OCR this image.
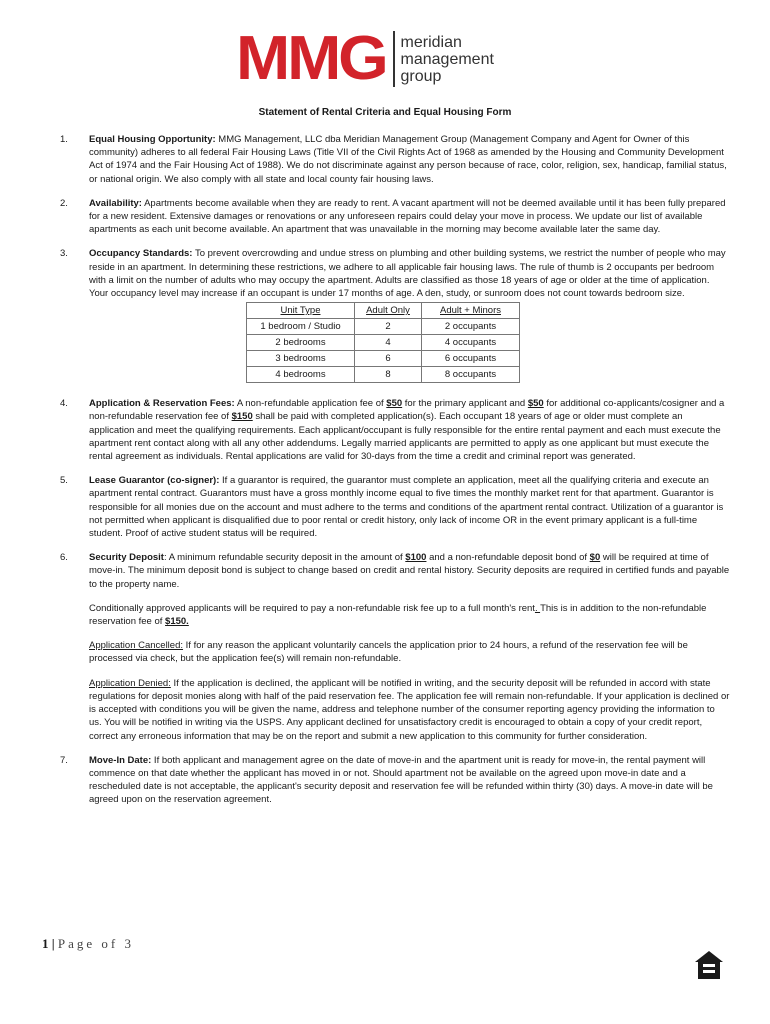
MMG meridian
management
group
Statement of Rental Criteria and Equal Housing Form
1.	Equal Housing Opportunity: MMG Management, LLC dba Meridian Management Group (Management Company and Agent for Owner of this community) adheres to all federal Fair Housing Laws (Title VII of the Civil Rights Act of 1968 as amended by the Housing and Community Development Act of 1974 and the Fair Housing Act of 1988). We do not discriminate against any person because of race, color, religion, sex, handicap, familial status, or national origin. We also comply with all state and local county fair housing laws.

2.	Availability: Apartments become available when they are ready to rent. A vacant apartment will not be deemed available until it has been fully prepared for a new resident. Extensive damages or renovations or any unforeseen repairs could delay your move in process. We update our list of available apartments as each unit become available. An apartment that was unavailable in the morning may become available later the same day.

3.	Occupancy Standards: To prevent overcrowding and undue stress on plumbing and other building systems, we restrict the number of people who may reside in an apartment. In determining these restrictions, we adhere to all applicable fair housing laws. The rule of thumb is 2 occupants per bedroom with a limit on the number of adults who may occupy the apartment. Adults are classified as those 18 years of age or older at the time of application. Your occupancy level may increase if an occupant is under 17 months of age. A den, study, or sunroom does not count towards bedroom size.

Unit Type	Adult Only	Adult + Minors
1 bedroom / Studio	2	2 occupants
2 bedrooms	4	4 occupants
3 bedrooms	6	6 occupants
4 bedrooms	8	8 occupants
4.	Application & Reservation Fees: A non-refundable application fee of $50 for the primary applicant and $50 for additional co-applicants/cosigner and a non-refundable reservation fee of $150 shall be paid with completed application(s). Each occupant 18 years of age or older must complete an application and meet the qualifying requirements. Each applicant/occupant is fully responsible for the entire rental payment and each must execute the apartment rent contact along with all any other addendums. Legally married applicants are permitted to apply as one applicant but must execute the rental agreement as individuals. Rental applications are valid for 30-days from the time a credit and criminal report was generated.

5.	Lease Guarantor (co-signer): If a guarantor is required, the guarantor must complete an application, meet all the qualifying criteria and execute an apartment rental contract. Guarantors must have a gross monthly income equal to five times the monthly market rent for that apartment. Guarantor is responsible for all monies due on the account and must adhere to the terms and conditions of the apartment rental contract. Utilization of a guarantor is not permitted when applicant is disqualified due to poor rental or credit history, only lack of income OR in the event primary applicant is a full-time student. Proof of active student status will be required.

6.	Security Deposit: A minimum refundable security deposit in the amount of $100 and a non-refundable deposit bond of $0 will be required at time of move-in. The minimum deposit bond is subject to change based on credit and rental history. Security deposits are required in certified funds and payable to the property name.

Conditionally approved applicants will be required to pay a non-refundable risk fee up to a full month's rent. This is in addition to the non-refundable reservation fee of $150.

Application Cancelled: If for any reason the applicant voluntarily cancels the application prior to 24 hours, a refund of the reservation fee will be processed via check, but the application fee(s) will remain non-refundable.

Application Denied: If the application is declined, the applicant will be notified in writing, and the security deposit will be refunded in accord with state regulations for deposit monies along with half of the paid reservation fee. The application fee will remain non-refundable. If your application is declined or is accepted with conditions you will be given the name, address and telephone number of the consumer reporting agency providing the information to us. You will be notified in writing via the USPS. Any applicant declined for unsatisfactory credit is encouraged to obtain a copy of your credit report, correct any erroneous information that may be on the report and submit a new application to this community for further consideration.

7.	Move-In Date: If both applicant and management agree on the date of move-in and the apartment unit is ready for move-in, the rental payment will commence on that date whether the applicant has moved in or not. Should apartment not be available on the agreed upon move-in date and a rescheduled date is not acceptable, the applicant's security deposit and reservation fee will be refunded within thirty (30) days. A move-in date will be agreed upon on the reservation agreement.

1 | Page of 3
